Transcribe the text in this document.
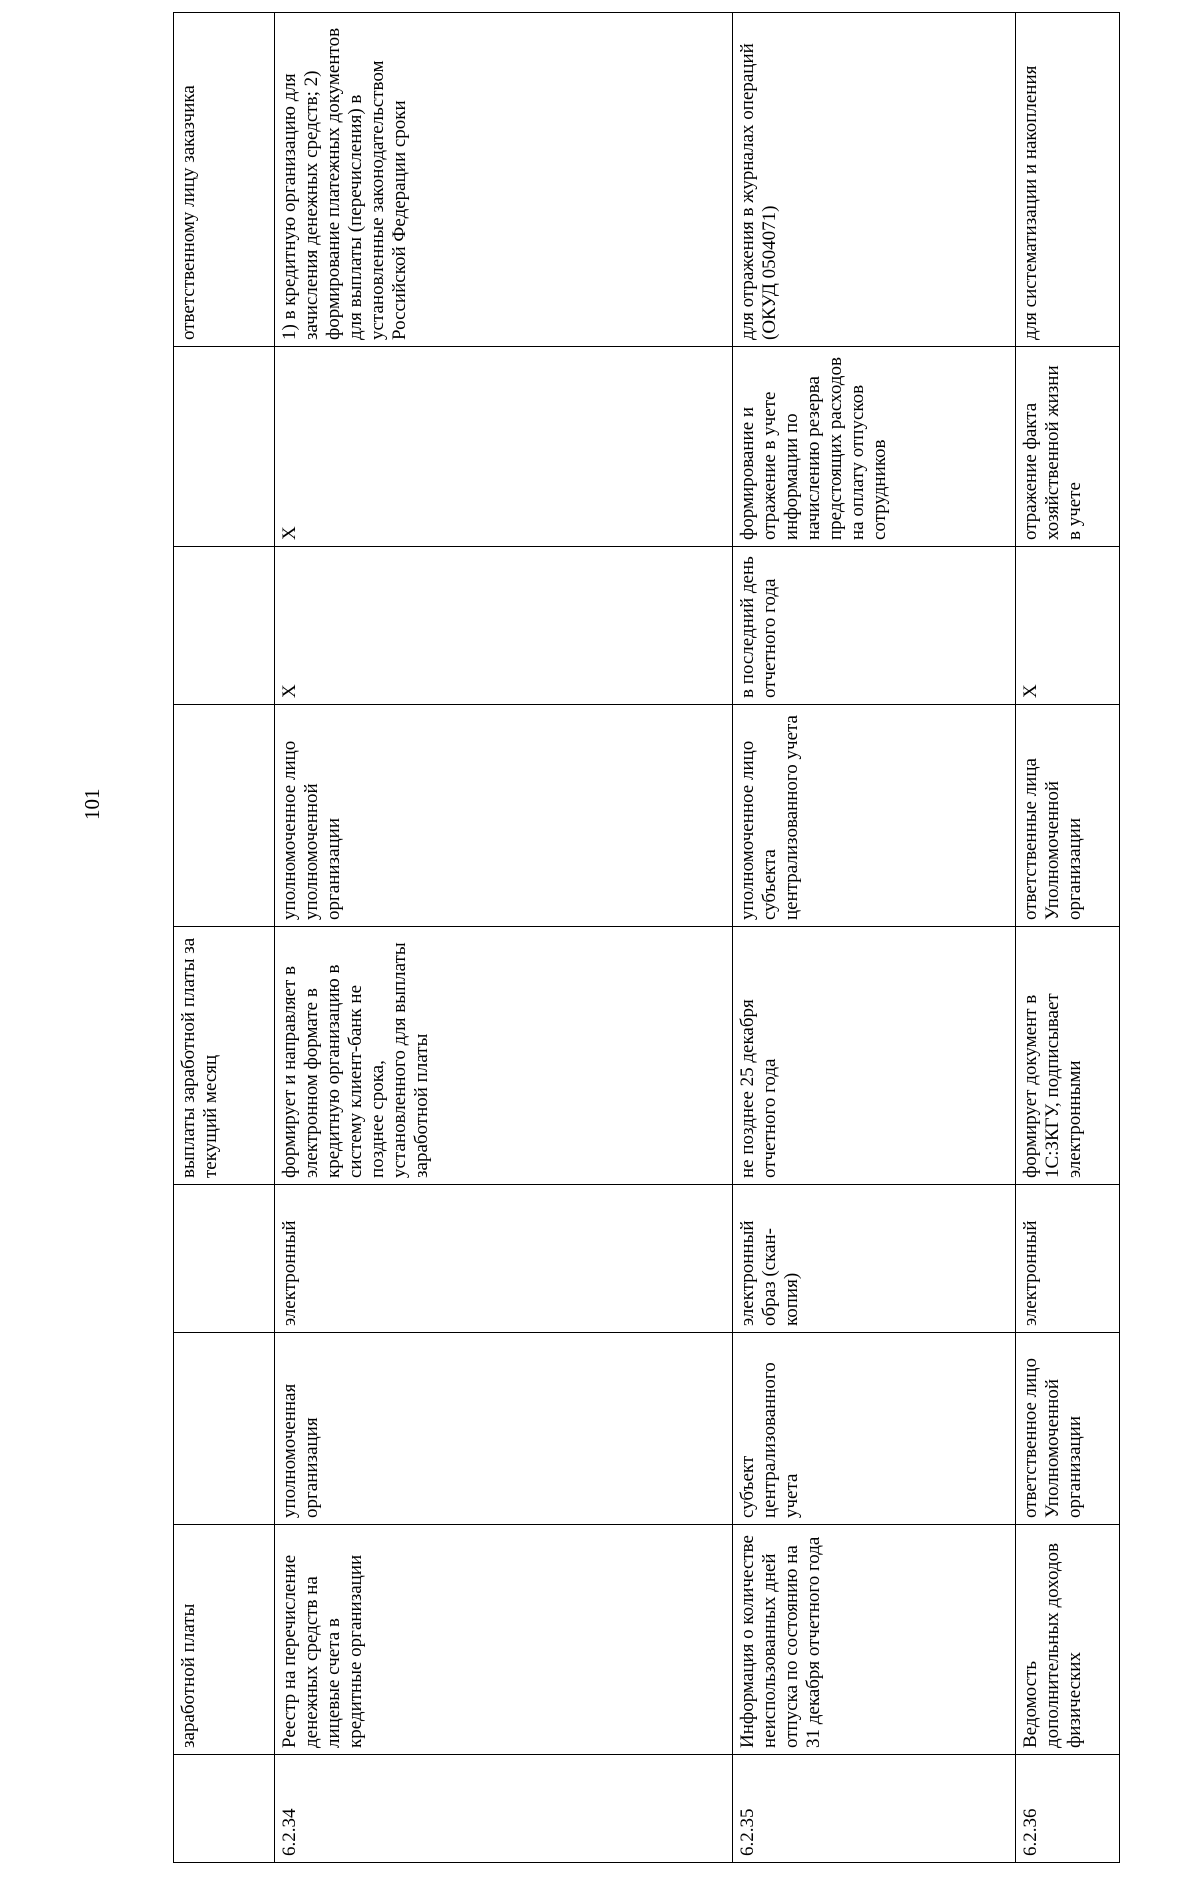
101
	заработной платы			выплаты заработной платы за текущий месяц				ответственному лицу заказчика
6.2.34	Реестр на перечисление денежных средств на лицевые счета в кредитные организации	уполномоченная организация	электронный	формирует и направляет в электронном формате в кредитную организацию в систему клиент-банк не позднее срока, установленного для выплаты заработной платы	уполномоченное лицо уполномоченной организации	Х	Х	1) в кредитную организацию для зачисления денежных средств; 2) формирование платежных документов для выплаты (перечисления) в установленные законодательством Российской Федерации сроки
6.2.35	Информация о количестве неиспользованных дней отпуска по состоянию на 31 декабря отчетного года	субъект централизованного учета	электронный образ (скан-копия)	не позднее 25 декабря отчетного года	уполномоченное лицо субъекта централизованного учета	в последний день отчетного года	формирование и отражение в учете информации по начислению резерва предстоящих расходов на оплату отпусков сотрудников	для отражения в журналах операций (ОКУД 0504071)
6.2.36	Ведомость дополнительных доходов физических	ответственное лицо Уполномоченной организации	электронный	формирует документ в 1С:ЗКГУ, подписывает электронными	ответственные лица Уполномоченной организации	Х	отражение факта хозяйственной жизни в учете	для систематизации и накопления
